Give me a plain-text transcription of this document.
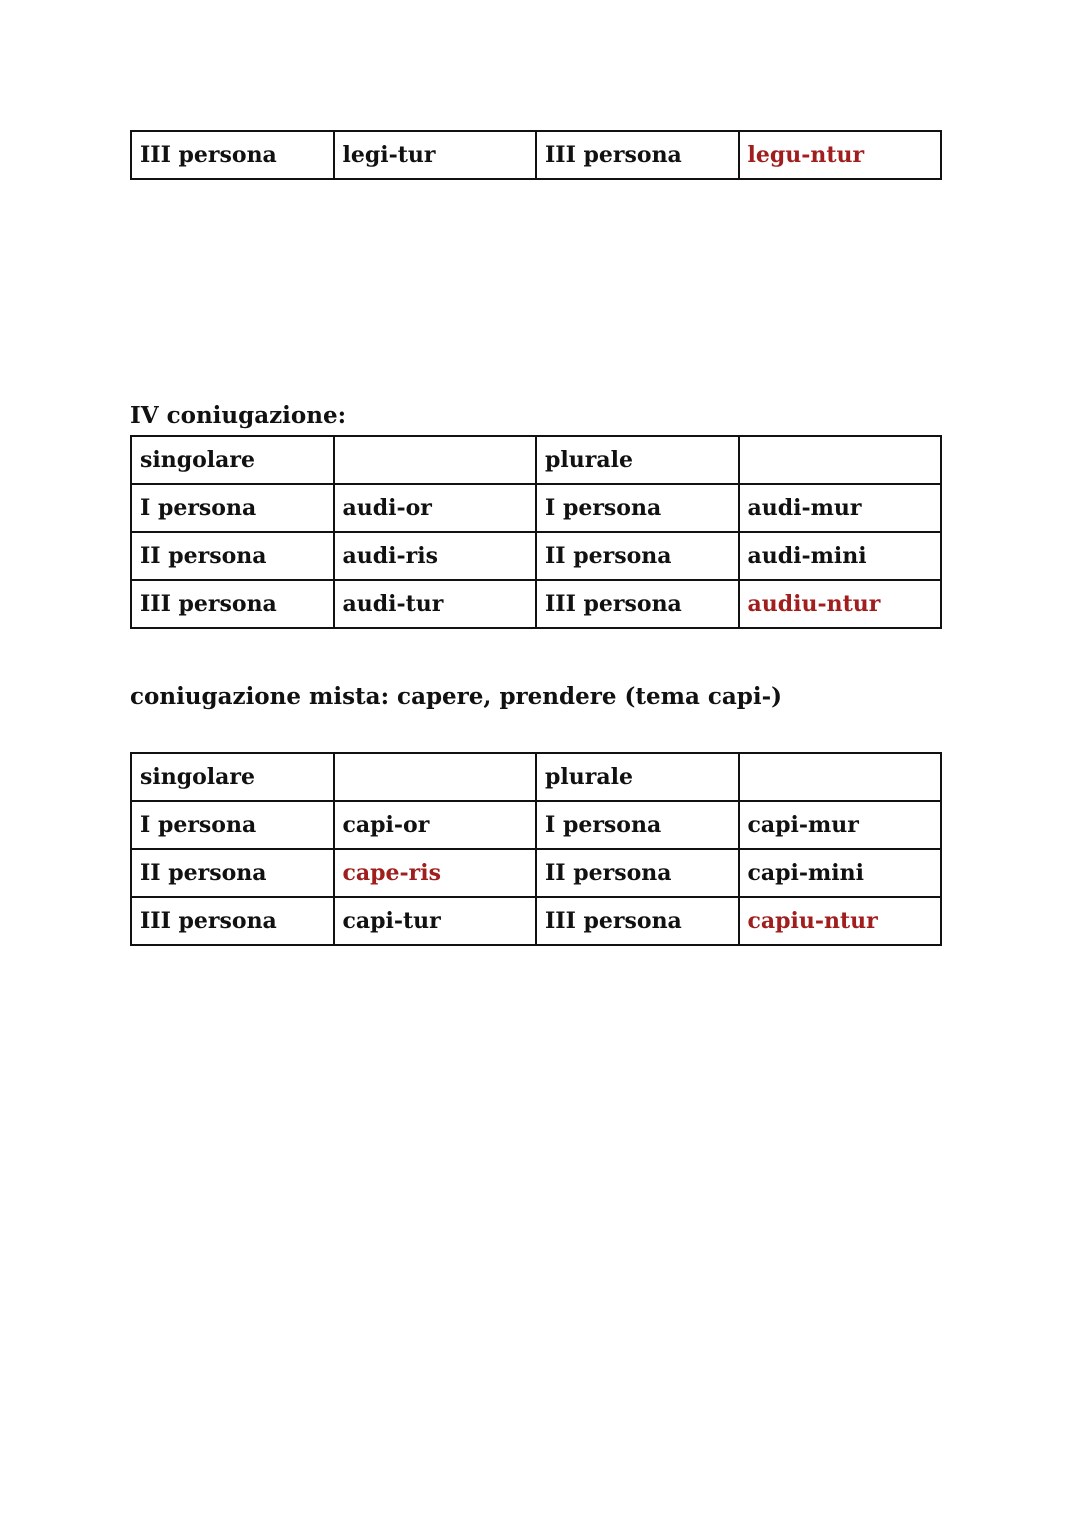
III persona	legi-tur	III persona	legu-ntur
IV coniugazione:
singolare		plurale	
I persona	audi-or	I persona	audi-mur
II persona	audi-ris	II persona	audi-mini
III persona	audi-tur	III persona	audiu-ntur
coniugazione mista: capere, prendere (tema capi-)
singolare		plurale	
I persona	capi-or	I persona	capi-mur
II persona	cape-ris	II persona	capi-mini
III persona	capi-tur	III persona	capiu-ntur
